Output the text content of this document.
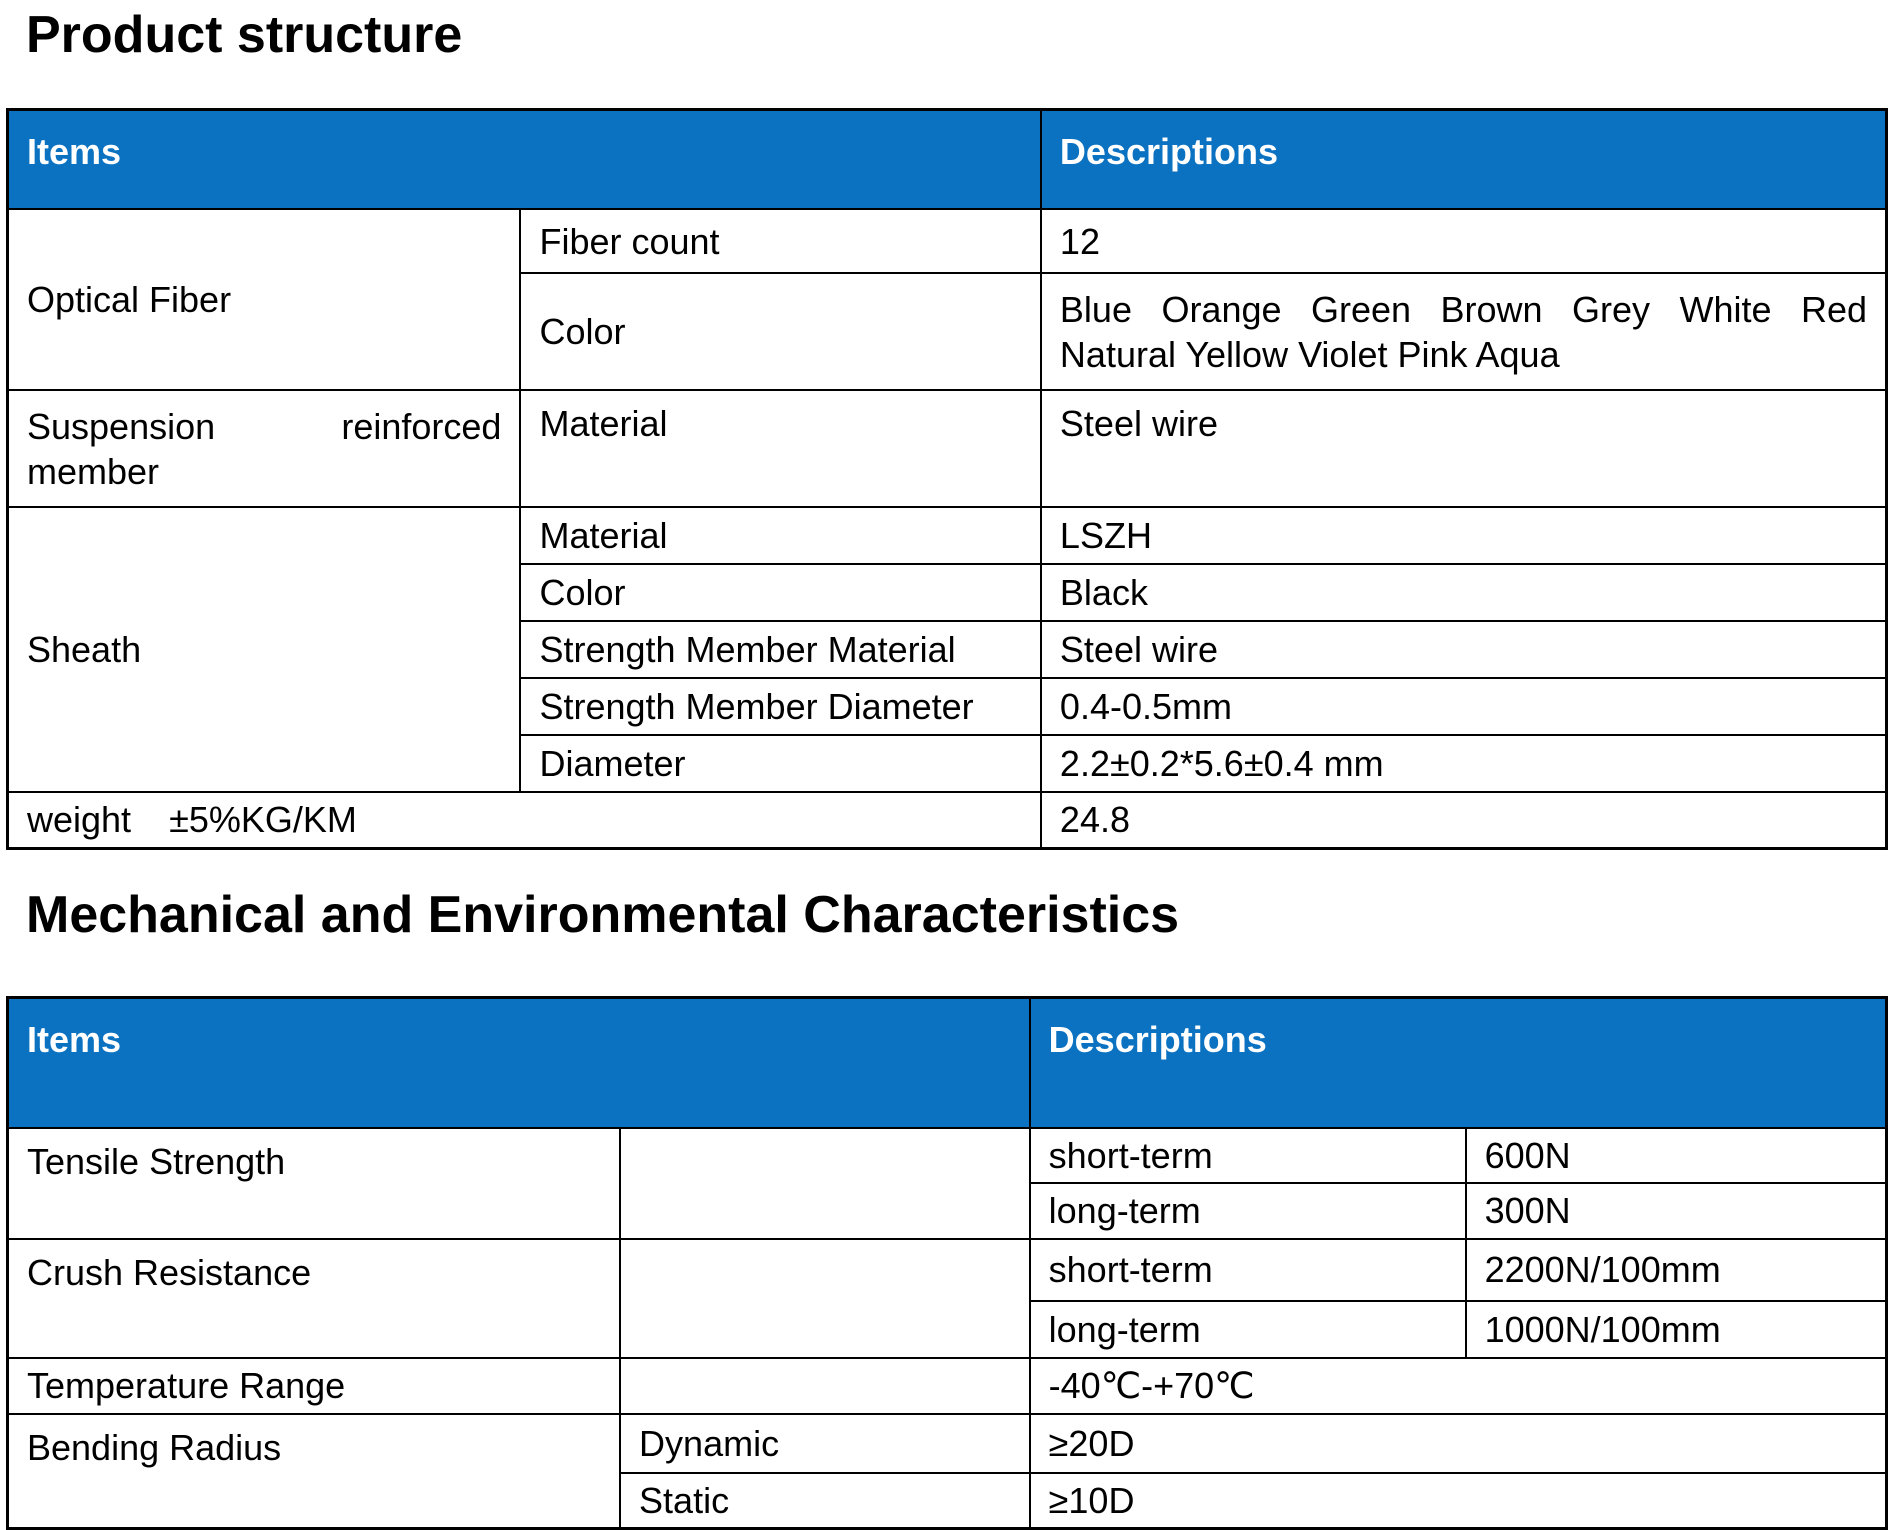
Product structure
Items		Descriptions
Optical Fiber	Fiber count	12
	Color	Blue Orange Green Brown Grey White Red
Natural Yellow Violet Pink Aqua

Suspension reinforced
member	Material	Steel wire
Sheath	Material	LSZH
	Color	Black
	Strength Member Material	Steel wire
	Strength Member Diameter	0.4-0.5mm
	Diameter	2.2±0.2*5.6±0.4 mm
weight ±5%KG/KM		24.8
Mechanical and Environmental Characteristics
Items		Descriptions	
Tensile Strength		short-term	600N
		long-term	300N
Crush Resistance		short-term	2200N/100mm
		long-term	1000N/100mm
Temperature Range		-40℃-+70℃	
Bending Radius	Dynamic	≥20D	
	Static	≥10D	
